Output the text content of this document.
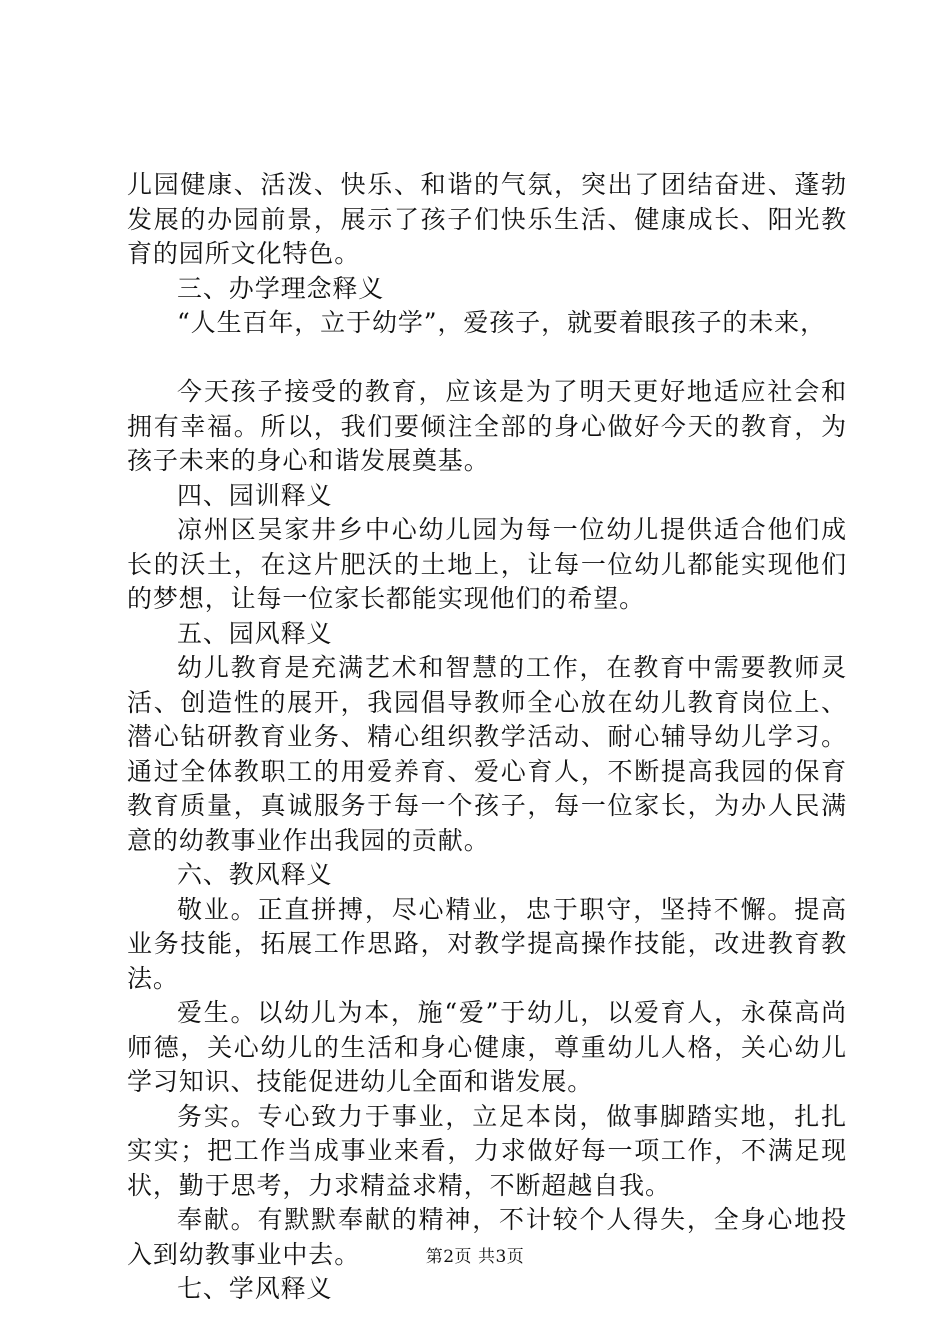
儿园健康、活泼、快乐、和谐的气氛，突出了团结奋进、蓬勃发展的办园前景，展示了孩子们快乐生活、健康成长、阳光教育的园所文化特色。

三、办学理念释义

“人生百年，立于幼学”，爱孩子，就要着眼孩子的未来，

今天孩子接受的教育，应该是为了明天更好地适应社会和拥有幸福。所以，我们要倾注全部的身心做好今天的教育，为孩子未来的身心和谐发展奠基。

四、园训释义

凉州区吴家井乡中心幼儿园为每一位幼儿提供适合他们成长的沃土，在这片肥沃的土地上，让每一位幼儿都能实现他们的梦想，让每一位家长都能实现他们的希望。

五、园风释义

幼儿教育是充满艺术和智慧的工作，在教育中需要教师灵活、创造性的展开，我园倡导教师全心放在幼儿教育岗位上、潜心钻研教育业务、精心组织教学活动、耐心辅导幼儿学习。通过全体教职工的用爱养育、爱心育人，不断提高我园的保育教育质量，真诚服务于每一个孩子，每一位家长，为办人民满意的幼教事业作出我园的贡献。

六、教风释义

敬业。正直拼搏，尽心精业，忠于职守，坚持不懈。提高业务技能，拓展工作思路，对教学提高操作技能，改进教育教法。

爱生。以幼儿为本，施“爱”于幼儿，以爱育人，永葆高尚师德，关心幼儿的生活和身心健康，尊重幼儿人格，关心幼儿学习知识、技能促进幼儿全面和谐发展。

务实。专心致力于事业，立足本岗，做事脚踏实地，扎扎实实；把工作当成事业来看，力求做好每一项工作，不满足现状，勤于思考，力求精益求精，不断超越自我。

奉献。有默默奉献的精神，不计较个人得失，全身心地投入到幼教事业中去。

七、学风释义

第2页 共3页
